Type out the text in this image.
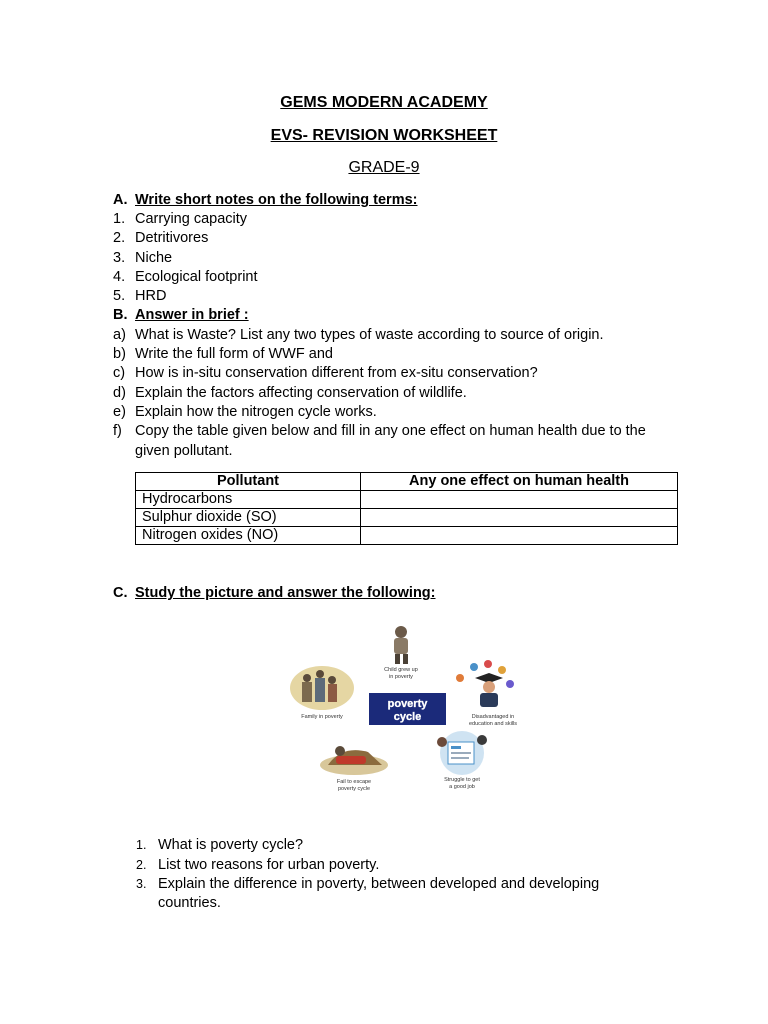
GEMS MODERN ACADEMY
EVS- REVISION WORKSHEET
GRADE-9
A. Write short notes on the following terms:
1. Carrying capacity
2. Detritivores
3. Niche
4. Ecological footprint
5. HRD
B. Answer in brief :
a) What is Waste? List any two types of waste according to source of origin.
b) Write the full form of WWF and
c) How is in-situ conservation different from ex-situ conservation?
d) Explain the factors affecting conservation of wildlife.
e) Explain how the nitrogen cycle works.
f) Copy the table given below and fill in any one effect on human health due to the
given pollutant.
Pollutant	Any one effect on human health
Hydrocarbons	
Sulphur dioxide (SO)	
Nitrogen oxides (NO)	
C. Study the picture and answer the following:
Child grew up
in poverty
Family in poverty
poverty
cycle	Disadvantaged in
education and skills
Fail to escape
poverty cycle
Struggle to get
a good job
1. What is poverty cycle?
2. List two reasons for urban poverty.
3. Explain the difference in poverty, between developed and developing
countries.
